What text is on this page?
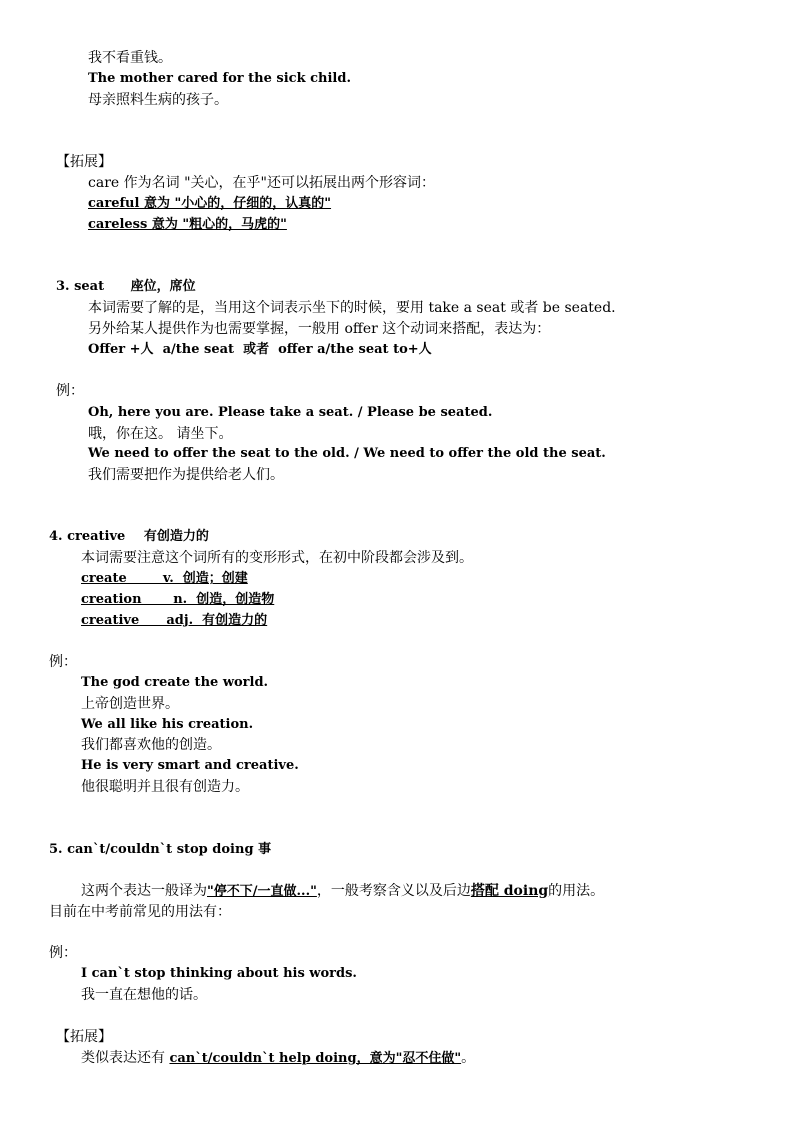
我不看重钱。
The mother cared for the sick child.
母亲照料生病的孩子。
【拓展】
care 作为名词 "关心，在乎"还可以拓展出两个形容词：
careful 意为 "小心的，仔细的，认真的"
careless 意为 "粗心的，马虎的"
3. seat 座位，席位
本词需要了解的是，当用这个词表示坐下的时候，要用 take a seat 或者 be seated.
另外给某人提供作为也需要掌握，一般用 offer 这个动词来搭配，表达为：
Offer +人  a/the seat  或者  offer a/the seat to+人
例：
Oh, here you are. Please take a seat. / Please be seated.
哦，你在这。 请坐下。
We need to offer the seat to the old. / We need to offer the old the seat.
我们需要把作为提供给老人们。
4. creative 有创造力的
本词需要注意这个词所有的变形形式，在初中阶段都会涉及到。
create        v.  创造；创建
creation       n.  创造，创造物
creative      adj.  有创造力的
例：
The god create the world.
上帝创造世界。
We all like his creation.
我们都喜欢他的创造。
He is very smart and creative.
他很聪明并且很有创造力。
5. can`t/couldn`t stop doing 事
这两个表达一般译为"停不下/一直做..."，一般考察含义以及后边搭配 doing的用法。
目前在中考前常见的用法有：
例：
I can`t stop thinking about his words.
我一直在想他的话。
【拓展】
类似表达还有 can`t/couldn`t help doing，意为"忍不住做"。
